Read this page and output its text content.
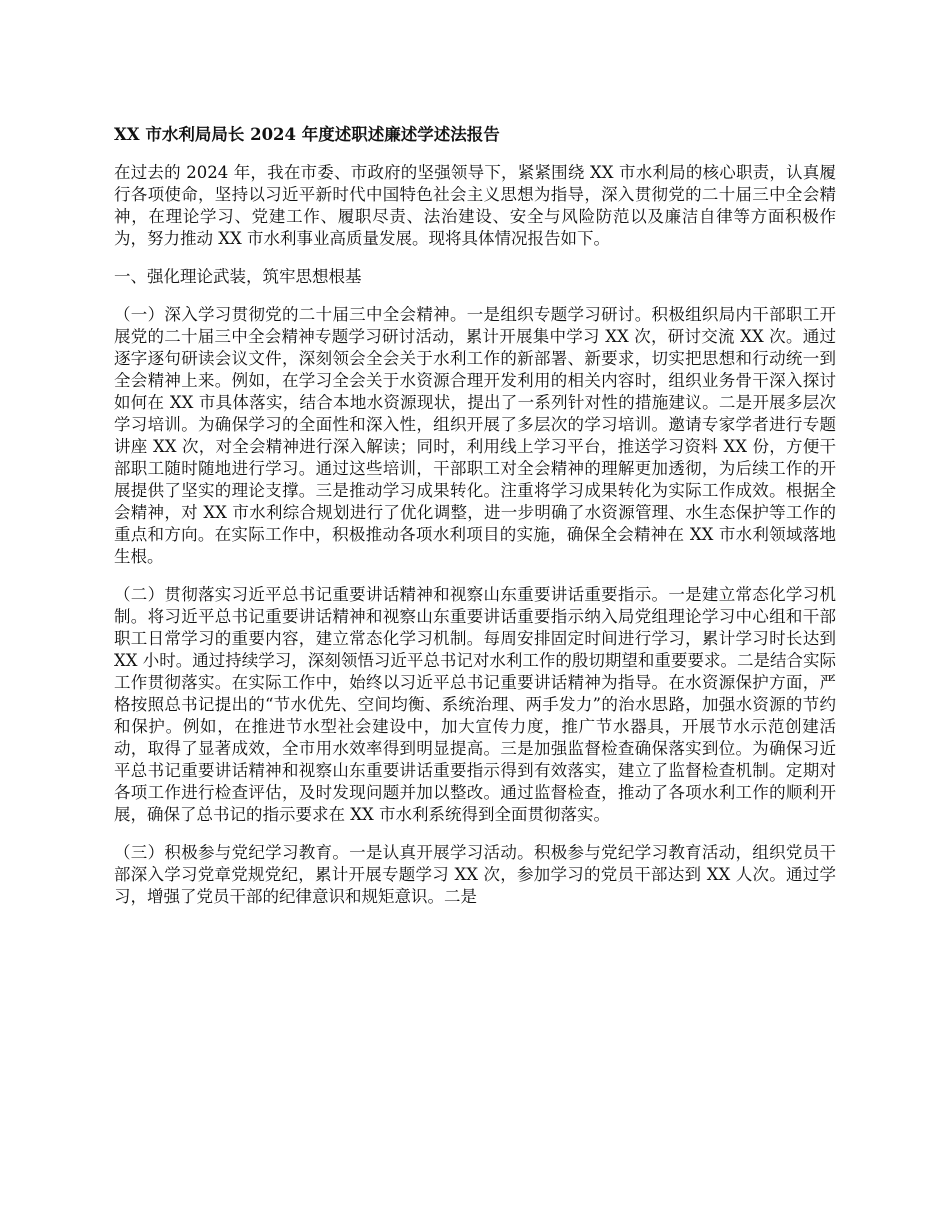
XX 市水利局局长 2024 年度述职述廉述学述法报告

在过去的 2024 年，我在市委、市政府的坚强领导下，紧紧围绕 XX 市水利局的核心职责，认真履行各项使命，坚持以习近平新时代中国特色社会主义思想为指导，深入贯彻党的二十届三中全会精神，在理论学习、党建工作、履职尽责、法治建设、安全与风险防范以及廉洁自律等方面积极作为，努力推动 XX 市水利事业高质量发展。现将具体情况报告如下。

一、强化理论武装，筑牢思想根基

（一）深入学习贯彻党的二十届三中全会精神。一是组织专题学习研讨。积极组织局内干部职工开展党的二十届三中全会精神专题学习研讨活动，累计开展集中学习 XX 次，研讨交流 XX 次。通过逐字逐句研读会议文件，深刻领会全会关于水利工作的新部署、新要求，切实把思想和行动统一到全会精神上来。例如，在学习全会关于水资源合理开发利用的相关内容时，组织业务骨干深入探讨如何在 XX 市具体落实，结合本地水资源现状，提出了一系列针对性的措施建议。二是开展多层次学习培训。为确保学习的全面性和深入性，组织开展了多层次的学习培训。邀请专家学者进行专题讲座 XX 次，对全会精神进行深入解读；同时，利用线上学习平台，推送学习资料 XX 份，方便干部职工随时随地进行学习。通过这些培训，干部职工对全会精神的理解更加透彻，为后续工作的开展提供了坚实的理论支撑。三是推动学习成果转化。注重将学习成果转化为实际工作成效。根据全会精神，对 XX 市水利综合规划进行了优化调整，进一步明确了水资源管理、水生态保护等工作的重点和方向。在实际工作中，积极推动各项水利项目的实施，确保全会精神在 XX 市水利领域落地生根。

（二）贯彻落实习近平总书记重要讲话精神和视察山东重要讲话重要指示。一是建立常态化学习机制。将习近平总书记重要讲话精神和视察山东重要讲话重要指示纳入局党组理论学习中心组和干部职工日常学习的重要内容，建立常态化学习机制。每周安排固定时间进行学习，累计学习时长达到 XX 小时。通过持续学习，深刻领悟习近平总书记对水利工作的殷切期望和重要要求。二是结合实际工作贯彻落实。在实际工作中，始终以习近平总书记重要讲话精神为指导。在水资源保护方面，严格按照总书记提出的“节水优先、空间均衡、系统治理、两手发力”的治水思路，加强水资源的节约和保护。例如，在推进节水型社会建设中，加大宣传力度，推广节水器具，开展节水示范创建活动，取得了显著成效，全市用水效率得到明显提高。三是加强监督检查确保落实到位。为确保习近平总书记重要讲话精神和视察山东重要讲话重要指示得到有效落实，建立了监督检查机制。定期对各项工作进行检查评估，及时发现问题并加以整改。通过监督检查，推动了各项水利工作的顺利开展，确保了总书记的指示要求在 XX 市水利系统得到全面贯彻落实。

（三）积极参与党纪学习教育。一是认真开展学习活动。积极参与党纪学习教育活动，组织党员干部深入学习党章党规党纪，累计开展专题学习 XX 次，参加学习的党员干部达到 XX 人次。通过学习，增强了党员干部的纪律意识和规矩意识。二是
